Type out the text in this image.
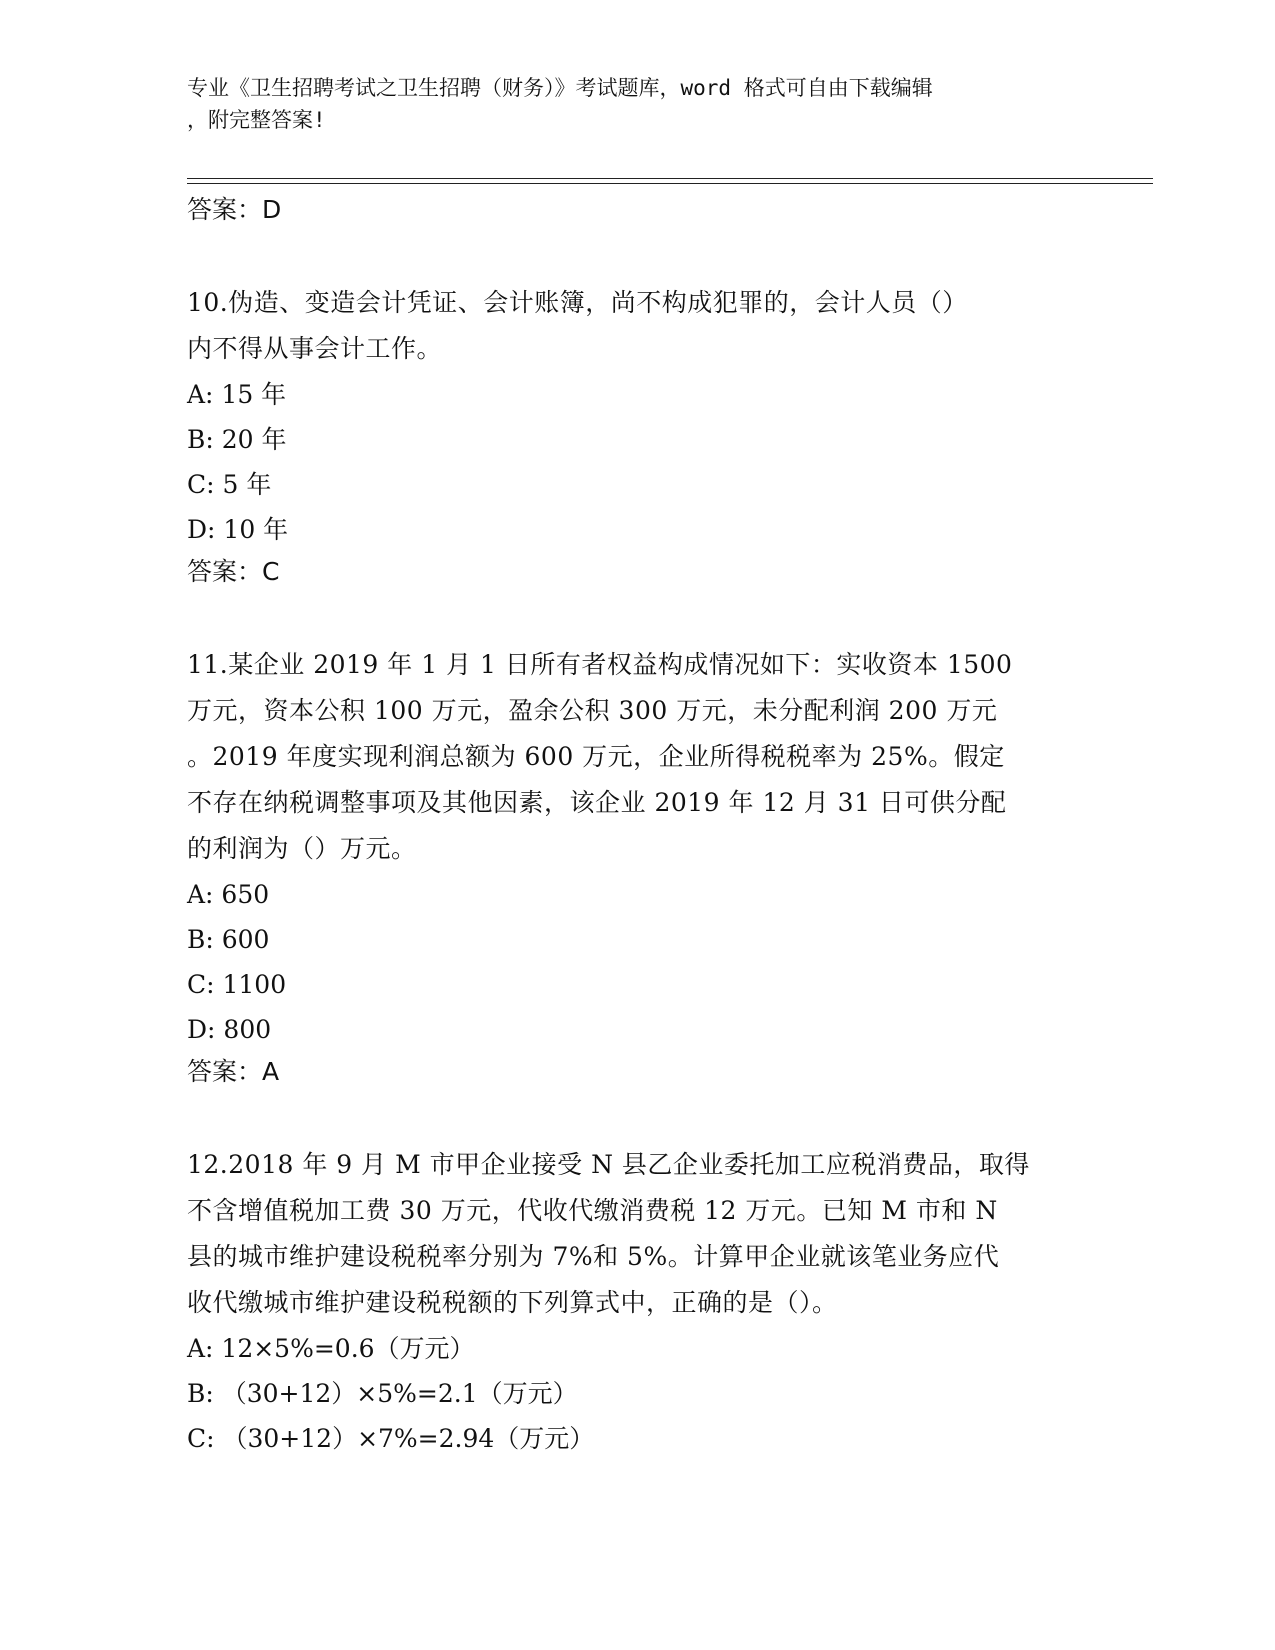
专业《卫生招聘考试之卫生招聘（财务）》考试题库，word 格式可自由下载编辑
，附完整答案!
答案：D
10.伪造、变造会计凭证、会计账簿，尚不构成犯罪的，会计人员（）
内不得从事会计工作。
A: 15 年
B: 20 年
C: 5 年
D: 10 年
答案：C
11.某企业 2019 年 1 月 1 日所有者权益构成情况如下：实收资本 1500
万元，资本公积 100 万元，盈余公积 300 万元，未分配利润 200 万元
。2019 年度实现利润总额为 600 万元，企业所得税税率为 25%。假定
不存在纳税调整事项及其他因素，该企业 2019 年 12 月 31 日可供分配
的利润为（）万元。
A: 650
B: 600
C: 1100
D: 800
答案：A
12.2018 年 9 月 M 市甲企业接受 N 县乙企业委托加工应税消费品，取得
不含增值税加工费 30 万元，代收代缴消费税 12 万元。已知 M 市和 N
县的城市维护建设税税率分别为 7%和 5%。计算甲企业就该笔业务应代
收代缴城市维护建设税税额的下列算式中，正确的是（）。
A: 12×5%=0.6（万元）
B: （30+12）×5%=2.1（万元）
C: （30+12）×7%=2.94（万元）
